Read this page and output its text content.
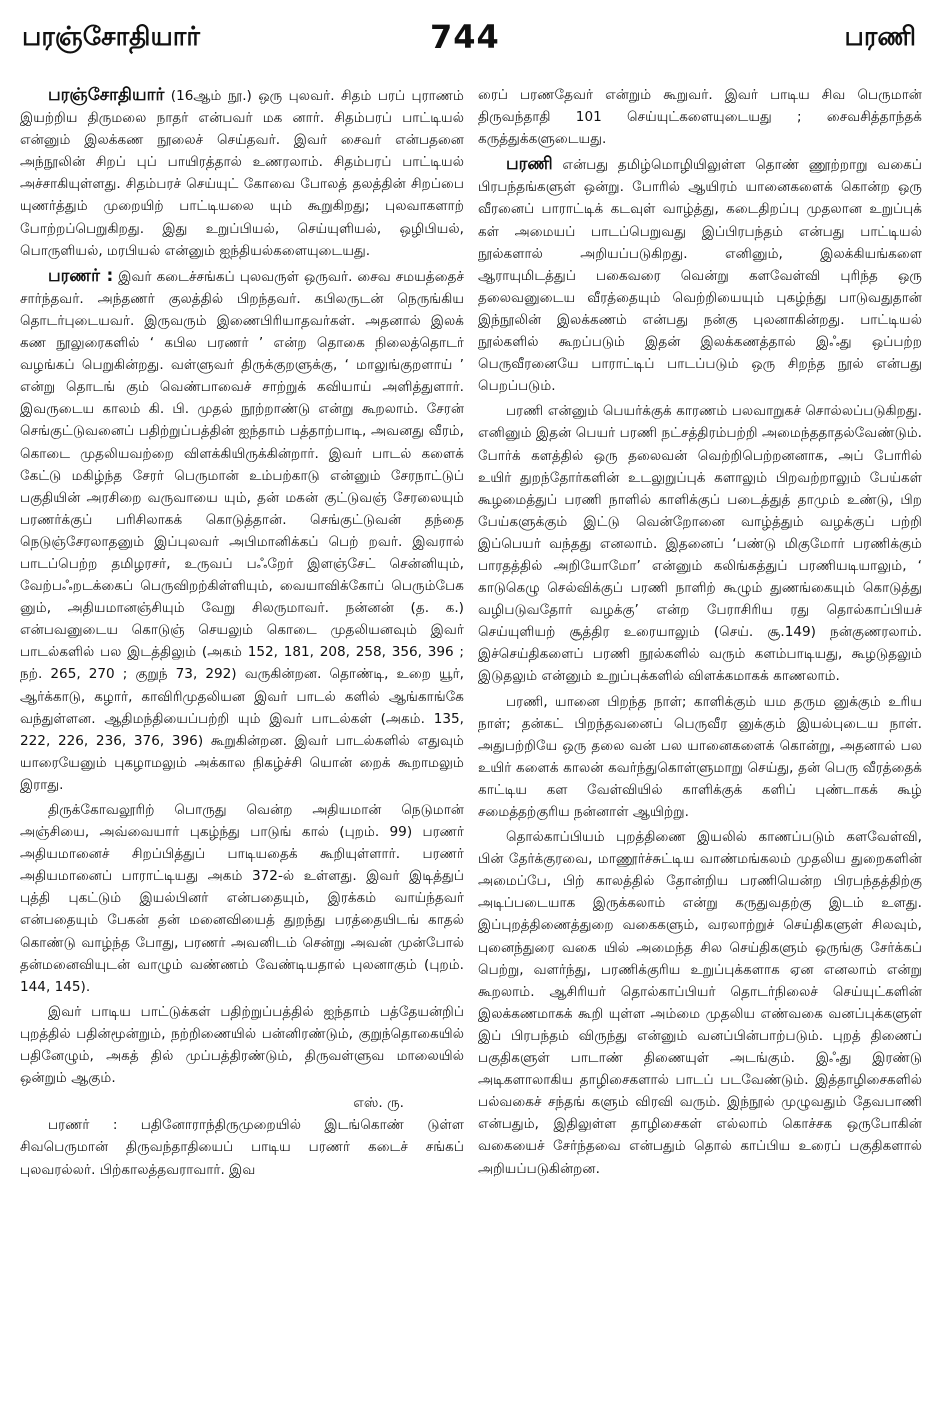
பரஞ்சோதியார்	744	பரணி

பரஞ்சோதியார் (16ஆம் நூ.) ஒரு புலவர். சிதம் பரப் புராணம் இயற்றிய திருமலை நாதர் என்பவர் மக னார். சிதம்பரப் பாட்டியல் என்னும் இலக்கண நூலைச் செய்தவர். இவர் சைவர் என்பதனை அந்நூலின் சிறப் புப் பாயிரத்தால் உணரலாம். சிதம்பரப் பாட்டியல் அச்சாகியுள்ளது. சிதம்பரச் செய்யுட் கோவை போலத் தலத்தின் சிறப்பை யுணர்த்தும் முறையிற் பாட்டியலை யும் கூறுகிறது; புலவாகளாற் போற்றப்பெறுகிறது. இது உறுப்பியல், செய்யுளியல், ஒழிபியல், பொருளியல், மரபியல் என்னும் ஐந்தியல்களையுடையது.

பரணர் : இவர் கடைச்சங்கப் புலவருள் ஒருவர். சைவ சமயத்தைச் சார்ந்தவர். அந்தணர் குலத்தில் பிறந்தவர். கபிலருடன் நெருங்கிய தொடர்புடையவர். இருவரும் இணைபிரியாதவர்கள். அதனால் இலக் கண நூலுரைகளில் ‘ கபில பரணர் ’ என்ற தொகை நிலைத்தொடர் வழங்கப் பெறுகின்றது. வள்ளுவர் திருக்குறளுக்கு, ‘ மாலுங்குறளாய் ’ என்று தொடங் கும் வெண்பாவைச் சாற்றுக் கவியாய் அளித்துளார். இவருடைய காலம் கி. பி. முதல் நூற்றாண்டு என்று கூறலாம். சேரன் செங்குட்டுவனைப் பதிற்றுப்பத்தின் ஐந்தாம் பத்தாற்பாடி, அவனது வீரம், கொடை முதலியவற்றை விளக்கியிருக்கின்றார். இவர் பாடல் களைக் கேட்டு மகிழ்ந்த சேரர் பெருமான் உம்பற்காடு என்னும் சேரநாட்டுப் பகுதியின் அரசிறை வருவாயை யும், தன் மகன் குட்டுவஞ் சேரலையும் பரணர்க்குப் பரிசிலாகக் கொடுத்தான். செங்குட்டுவன் தந்தை நெடுஞ்சேரலாதனும் இப்புலவர் அபிமானிக்கப் பெற் றவர். இவரால் பாடப்பெற்ற தமிழரசர், உருவப் பஃறேர் இளஞ்சேட் சென்னியும், வேற்பஃறடக்கைப் பெருவிறற்கிள்ளியும், வையாவிக்கோப் பெரும்பேக னும், அதியமானஞ்சியும் வேறு சிலருமாவர். நன்னன் (த. க.) என்பவனுடைய கொடுஞ் செயலும் கொடை முதலியனவும் இவர் பாடல்களில் பல இடத்திலும் (அகம் 152, 181, 208, 258, 356, 396 ; நற். 265, 270 ; குறுந் 73, 292) வருகின்றன. தொண்டி, உறை யூர், ஆர்க்காடு, கழார், காவிரிமுதலியன இவர் பாடல் களில் ஆங்காங்கே வந்துள்ளன. ஆதிமந்தியைப்பற்றி யும் இவர் பாடல்கள் (அகம். 135, 222, 226, 236, 376, 396) கூறுகின்றன. இவர் பாடல்களில் எதுவும் யாரையேனும் புகழாமலும் அக்கால நிகழ்ச்சி யொன் றைக் கூறாமலும் இராது.

திருக்கோவலூரிற் பொருது வென்ற அதியமான் நெடுமான் அஞ்சியை, அவ்வையார் புகழ்ந்து பாடுங் கால் (புறம். 99) பரணர் அதியமானைச் சிறப்பித்துப் பாடியதைக் கூறியுள்ளார். பரணர் அதியமானைப் பாராட்டியது அகம் 372-ல் உள்ளது. இவர் இடித்துப் புத்தி புகட்டும் இயல்பினர் என்பதையும், இரக்கம் வாய்ந்தவர் என்பதையும் பேகன் தன் மனைவியைத் துறந்து பரத்தையிடங் காதல் கொண்டு வாழ்ந்த போது, பரணர் அவனிடம் சென்று அவன் முன்போல் தன்மனைவியுடன் வாழும் வண்ணம் வேண்டியதால் புலனாகும் (புறம். 144, 145).

இவர் பாடிய பாட்டுக்கள் பதிற்றுப்பத்தில் ஐந்தாம் பத்தேயன்றிப் புறத்தில் பதின்மூன்றும், நற்றிணையில் பன்னிரண்டும், குறுந்தொகையில் பதினேழும், அகத் தில் முப்பத்திரண்டும், திருவள்ளுவ மாலையில் ஒன்றும் ஆகும்.

எஸ். ரு.

பரணர் : பதினோராந்திருமுறையில் இடங்கொண் டுள்ள சிவபெருமான் திருவந்தாதியைப் பாடிய பரணர் கடைச் சங்கப் புலவரல்லர். பிற்காலத்தவராவார். இவ

ரைப் பரணதேவர் என்றும் கூறுவர். இவர் பாடிய சிவ பெருமான் திருவந்தாதி 101 செய்யுட்களையுடையது ; சைவசித்தாந்தக் கருத்துக்களுடையது.

பரணி என்பது தமிழ்மொழியிலுள்ள தொண் ணூற்றாறு வகைப் பிரபந்தங்களுள் ஒன்று. போரில் ஆயிரம் யானைகளைக் கொன்ற ஒரு வீரனைப் பாராட்டிக் கடவுள் வாழ்த்து, கடைதிறப்பு முதலான உறுப்புக் கள் அமையப் பாடப்பெறுவது இப்பிரபந்தம் என்பது பாட்டியல் நூல்களால் அறியப்படுகிறது. எனினும், இலக்கியங்களை ஆராயுமிடத்துப் பகைவரை வென்று களவேள்வி புரிந்த ஒரு தலைவனுடைய வீரத்தையும் வெற்றியையும் புகழ்ந்து பாடுவதுதான் இந்நூலின் இலக்கணம் என்பது நன்கு புலனாகின்றது. பாட்டியல் நூல்களில் கூறப்படும் இதன் இலக்கணத்தால் இஃது ஒப்பற்ற பெருவீரனையே பாராட்டிப் பாடப்படும் ஒரு சிறந்த நூல் என்பது பெறப்படும்.

பரணி என்னும் பெயர்க்குக் காரணம் பலவாறுகச் சொல்லப்படுகிறது. எனினும் இதன் பெயர் பரணி நட்சத்திரம்பற்றி அமைந்ததாதல்வேண்டும். போர்க் களத்தில் ஒரு தலைவன் வெற்றிபெற்றனனாக, அப் போரில் உயிர் துறந்தோர்களின் உடலுறுப்புக் களாலும் பிறவற்றாலும் பேய்கள் கூழமைத்துப் பரணி நாளில் காளிக்குப் படைத்துத் தாமும் உண்டு, பிற பேய்களுக்கும் இட்டு வென்றோனை வாழ்த்தும் வழக்குப் பற்றி இப்பெயர் வந்தது எனலாம். இதனைப் ‘பண்டு மிகுமோர் பரணிக்கும் பாரதத்தில் அறியோமோ’ என்னும் கலிங்கத்துப் பரணியடியாலும், ‘ காடுகெழு செல்விக்குப் பரணி நாளிற் கூழும் துணங்கையும் கொடுத்து வழிபடுவதோர் வழக்கு’ என்ற பேராசிரிய ரது தொல்காப்பியச் செய்யுளியற் சூத்திர உரையாலும் (செய். சூ.149) நன்குணரலாம். இச்செய்திகளைப் பரணி நூல்களில் வரும் களம்பாடியது, கூழடுதலும் இடுதலும் என்னும் உறுப்புக்களில் விளக்கமாகக் காணலாம்.

பரணி, யானை பிறந்த நாள்; காளிக்கும் யம தரும னுக்கும் உரிய நாள்; தன்கட் பிறந்தவனைப் பெருவீர னுக்கும் இயல்புடைய நாள். அதுபற்றியே ஒரு தலை வன் பல யானைகளைக் கொன்று, அதனால் பல உயிர் களைக் காலன் கவர்ந்துகொள்ளுமாறு செய்து, தன் பெரு வீரத்தைக் காட்டிய கள வேள்வியில் காளிக்குக் களிப் புண்டாகக் கூழ் சமைத்தற்குரிய நன்னாள் ஆயிற்று.

தொல்காப்பியம் புறத்திணை இயலில் காணப்படும் களவேள்வி, பின் தேர்க்குரவை, மாணூர்ச்சுட்டிய வாண்மங்கலம் முதலிய துறைகளின் அமைப்பே, பிற் காலத்தில் தோன்றிய பரணியென்ற பிரபந்தத்திற்கு அடிப்படையாக இருக்கலாம் என்று கருதுவதற்கு இடம் உளது. இப்புறத்திணைத்துறை வகைகளும், வரலாற்றுச் செய்திகளுள் சிலவும், புனைந்துரை வகை யில் அமைந்த சில செய்திகளும் ஒருங்கு சேர்க்கப் பெற்று, வளர்ந்து, பரணிக்குரிய உறுப்புக்களாக ஏன எனலாம் என்று கூறலாம். ஆசிரியர் தொல்காப்பியர் தொடர்நிலைச் செய்யுட்களின் இலக்கணமாகக் கூறி யுள்ள அம்மை முதலிய எண்வகை வனப்புக்களுள் இப் பிரபந்தம் விருந்து என்னும் வனப்பின்பாற்படும். புறத் திணைப் பகுதிகளுள் பாடாண் திணையுள் அடங்கும். இஃது இரண்டு அடிகளாலாகிய தாழிசைகளால் பாடப் படவேண்டும். இத்தாழிசைகளில் பல்வகைச் சந்தங் களும் விரவி வரும். இந்நூல் முழுவதும் தேவபாணி என்பதும், இதிலுள்ள தாழிசைகள் எல்லாம் கொச்சக ஒருபோகின் வகையைச் சேர்ந்தவை என்பதும் தொல் காப்பிய உரைப் பகுதிகளால் அறியப்படுகின்றன.
